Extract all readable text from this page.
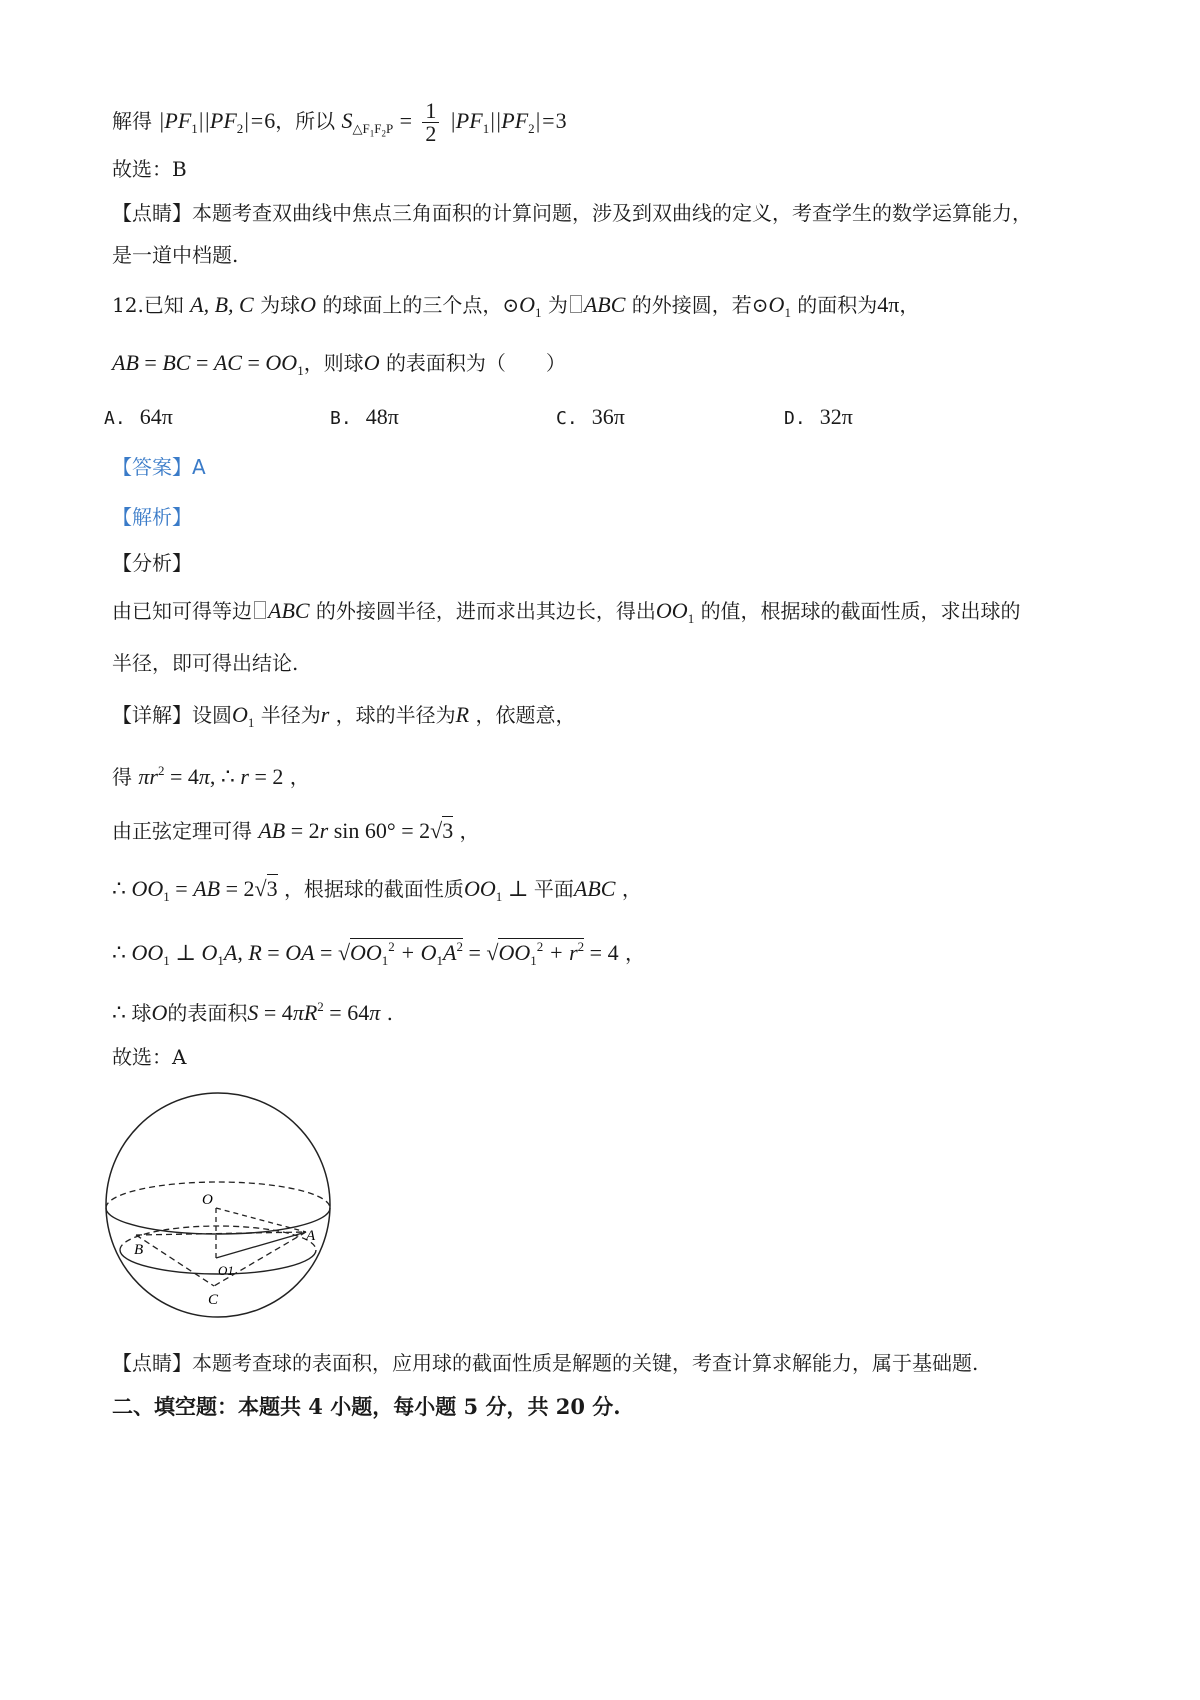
解得 $|PF_1||PF_2|=6$，所以 $S_{\triangle F_1F_2P} = \frac{1}{2} |PF_1||PF_2|=3$
故选：B
【点睛】本题考查双曲线中焦点三角面积的计算问题，涉及到双曲线的定义，考查学生的数学运算能力，
是一道中档题.
12.已知 A, B, C 为球O 的球面上的三个点，$⊙O_1$ 为 ABC 的外接圆，若$⊙O_1$ 的面积为4π，
AB = BC = AC = $OO_1$，则球O 的表面积为（　　）
A. 64π	B. 48π	C. 36π	D. 32π
【答案】A
【解析】
【分析】
由已知可得等边 ABC 的外接圆半径，进而求出其边长，得出$OO_1$ 的值，根据球的截面性质，求出球的
半径，即可得出结论.
【详解】设圆$O_1$ 半径为r ，球的半径为R ，依题意，
得 $\pi r^2 = 4\pi$, ∴ r = 2 ，
由正弦定理可得 AB = 2r sin 60° = 2√3 ，
∴ $OO_1$ = AB = 2√3 ，根据球的截面性质$OO_1$ ⊥ 平面ABC ，
∴ $OO_1$ ⊥ $O_1A$, R = OA = $√OO_1^2 + O_1A^2 = √OO_1^2 + r^2 = 4$ ，
∴ 球O的表面积$S = 4\pi R^2 = 64\pi$ .
故选：A
O
A
B
O1
C
【点睛】本题考查球的表面积，应用球的截面性质是解题的关键，考查计算求解能力，属于基础题.
二、填空题：本题共 4 小题，每小题 5 分，共 20 分.
